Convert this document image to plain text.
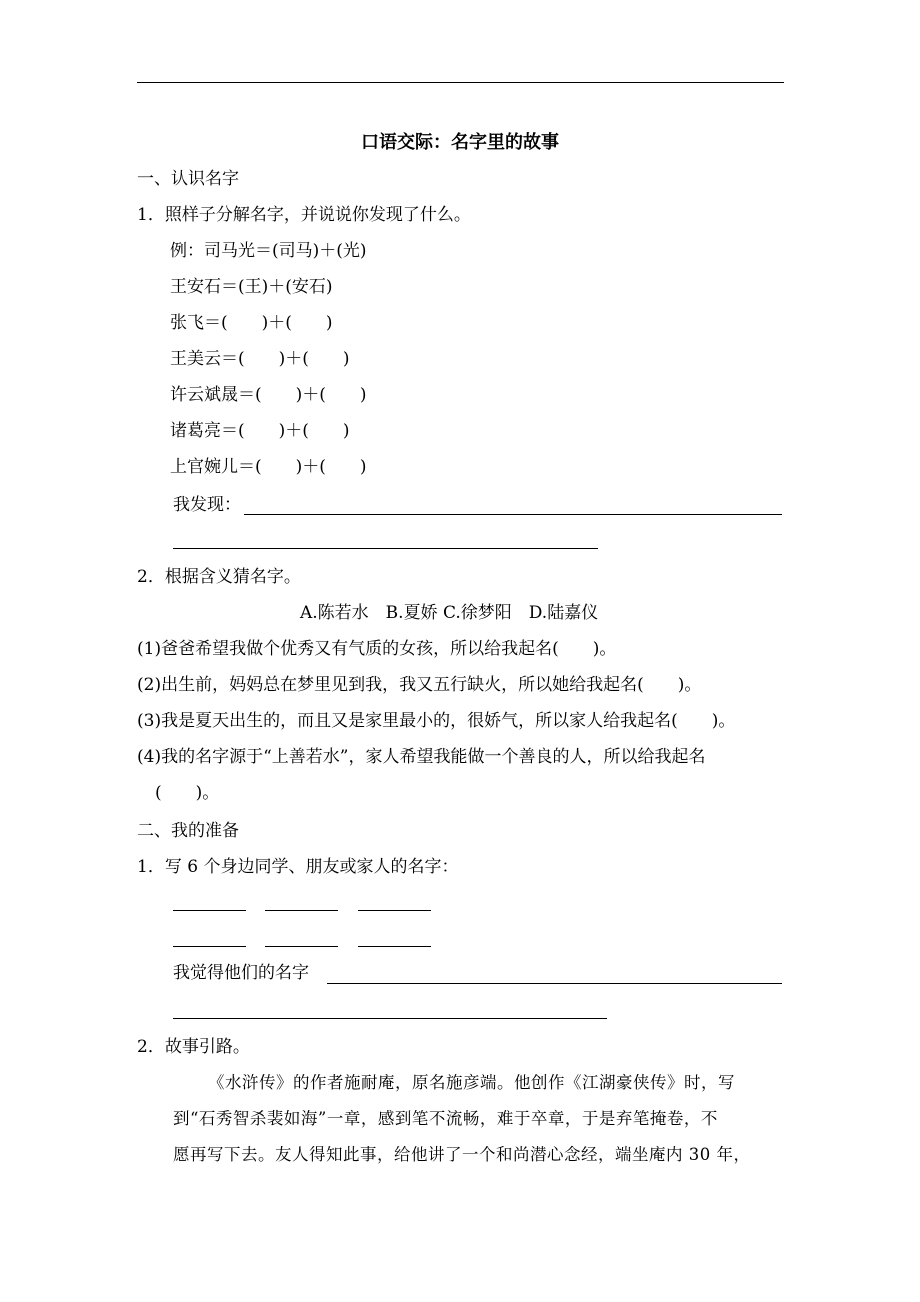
口语交际：名字里的故事
一、认识名字
1．照样子分解名字，并说说你发现了什么。
例：司马光＝(司马)＋(光)
王安石＝(王)＋(安石)
张飞＝(　　)＋(　　)
王美云＝(　　)＋(　　)
许云斌晟＝(　　)＋(　　)
诸葛亮＝(　　)＋(　　)
上官婉儿＝(　　)＋(　　)
我发现：
2．根据含义猜名字。
A.陈若水　B.夏娇 C.徐梦阳　D.陆嘉仪
(1)爸爸希望我做个优秀又有气质的女孩，所以给我起名(　　)。
(2)出生前，妈妈总在梦里见到我，我又五行缺火，所以她给我起名(　　)。
(3)我是夏天出生的，而且又是家里最小的，很娇气，所以家人给我起名(　　)。
(4)我的名字源于“上善若水”，家人希望我能做一个善良的人，所以给我起名
(　　)。
二、我的准备
1．写 6 个身边同学、朋友或家人的名字：
我觉得他们的名字
2．故事引路。
《水浒传》的作者施耐庵，原名施彦端。他创作《江湖豪侠传》时，写
到“石秀智杀裴如海”一章，感到笔不流畅，难于卒章，于是弃笔掩卷，不
愿再写下去。友人得知此事，给他讲了一个和尚潜心念经，端坐庵内 30 年，
